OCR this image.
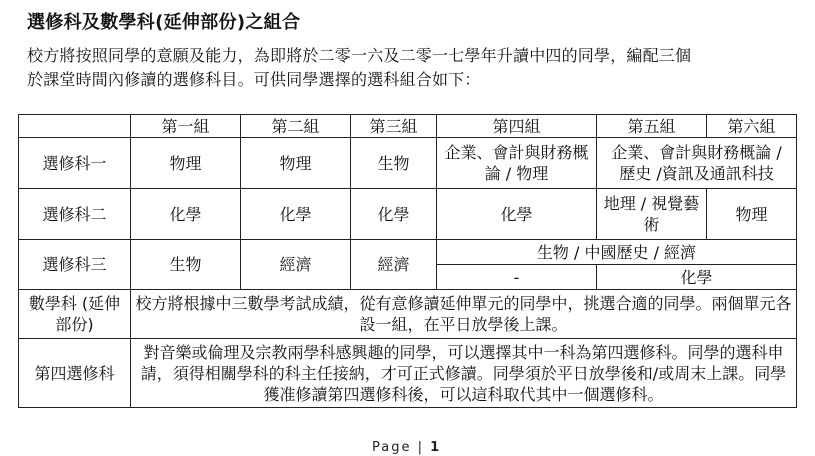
選修科及數學科(延伸部份)之組合
校方將按照同學的意願及能力，為即將於二零一六及二零一七學年升讀中四的同學，編配三個
於課堂時間內修讀的選修科目。可供同學選擇的選科組合如下：
	第一組	第二組	第三組	第四組	第五組	第六組
選修科一	物理	物理	生物	企業、會計與財務概論 / 物理	企業、會計與財務概論 / 歷史 /資訊及通訊科技	
選修科二	化學	化學	化學	化學	地理 / 視覺藝術	物理
選修科三	生物	經濟	經濟	生物 / 中國歷史 / 經濟		
				-	化學	
數學科 (延伸部份)	校方將根據中三數學考試成績，從有意修讀延伸單元的同學中，挑選合適的同學。兩個單元各設一組，在平日放學後上課。					
第四選修科	對音樂或倫理及宗教兩學科感興趣的同學，可以選擇其中一科為第四選修科。同學的選科申請，須得相關學科的科主任接納，才可正式修讀。同學須於平日放學後和/或周末上課。同學獲准修讀第四選修科後，可以這科取代其中一個選修科。					
Page | 1
